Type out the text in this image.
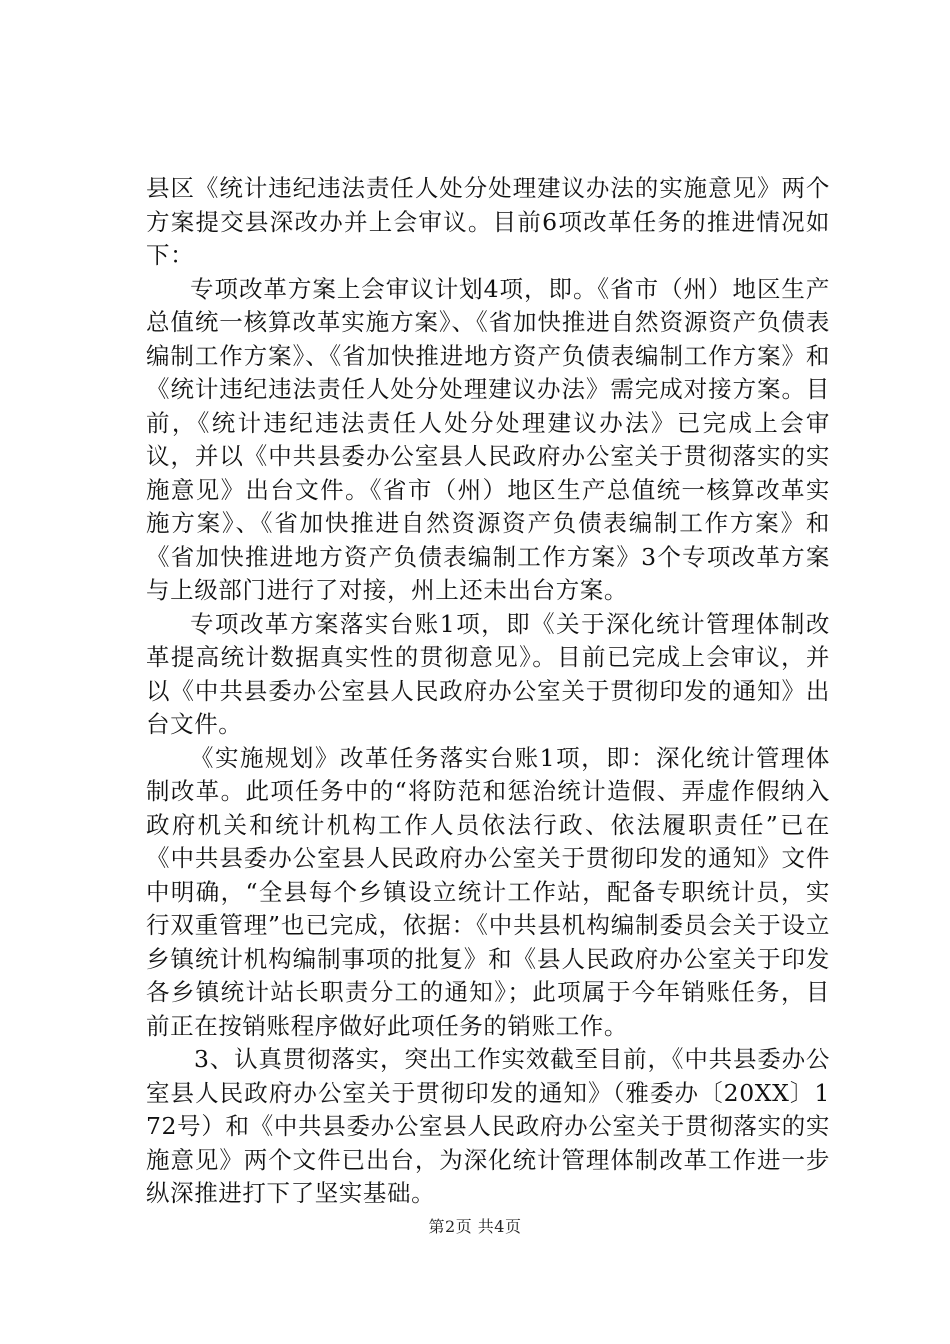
县区《统计违纪违法责任人处分处理建议办法的实施意见》两个方案提交县深改办并上会审议。目前6项改革任务的推进情况如下：

专项改革方案上会审议计划4项，即。《省市（州）地区生产总值统一核算改革实施方案》、《省加快推进自然资源资产负债表编制工作方案》、《省加快推进地方资产负债表编制工作方案》和《统计违纪违法责任人处分处理建议办法》需完成对接方案。目前，《统计违纪违法责任人处分处理建议办法》已完成上会审议，并以《中共县委办公室县人民政府办公室关于贯彻落实的实施意见》出台文件。《省市（州）地区生产总值统一核算改革实施方案》、《省加快推进自然资源资产负债表编制工作方案》和《省加快推进地方资产负债表编制工作方案》3个专项改革方案与上级部门进行了对接，州上还未出台方案。

专项改革方案落实台账1项，即《关于深化统计管理体制改革提高统计数据真实性的贯彻意见》。目前已完成上会审议，并以《中共县委办公室县人民政府办公室关于贯彻印发的通知》出台文件。

《实施规划》改革任务落实台账1项，即：深化统计管理体制改革。此项任务中的“将防范和惩治统计造假、弄虚作假纳入政府机关和统计机构工作人员依法行政、依法履职责任”已在《中共县委办公室县人民政府办公室关于贯彻印发的通知》文件中明确，“全县每个乡镇设立统计工作站，配备专职统计员，实行双重管理”也已完成，依据：《中共县机构编制委员会关于设立乡镇统计机构编制事项的批复》和《县人民政府办公室关于印发各乡镇统计站长职责分工的通知》；此项属于今年销账任务，目前正在按销账程序做好此项任务的销账工作。

3、认真贯彻落实，突出工作实效截至目前，《中共县委办公室县人民政府办公室关于贯彻印发的通知》（雅委办〔20XX〕172号）和《中共县委办公室县人民政府办公室关于贯彻落实的实施意见》两个文件已出台，为深化统计管理体制改革工作进一步纵深推进打下了坚实基础。

第2页 共4页
